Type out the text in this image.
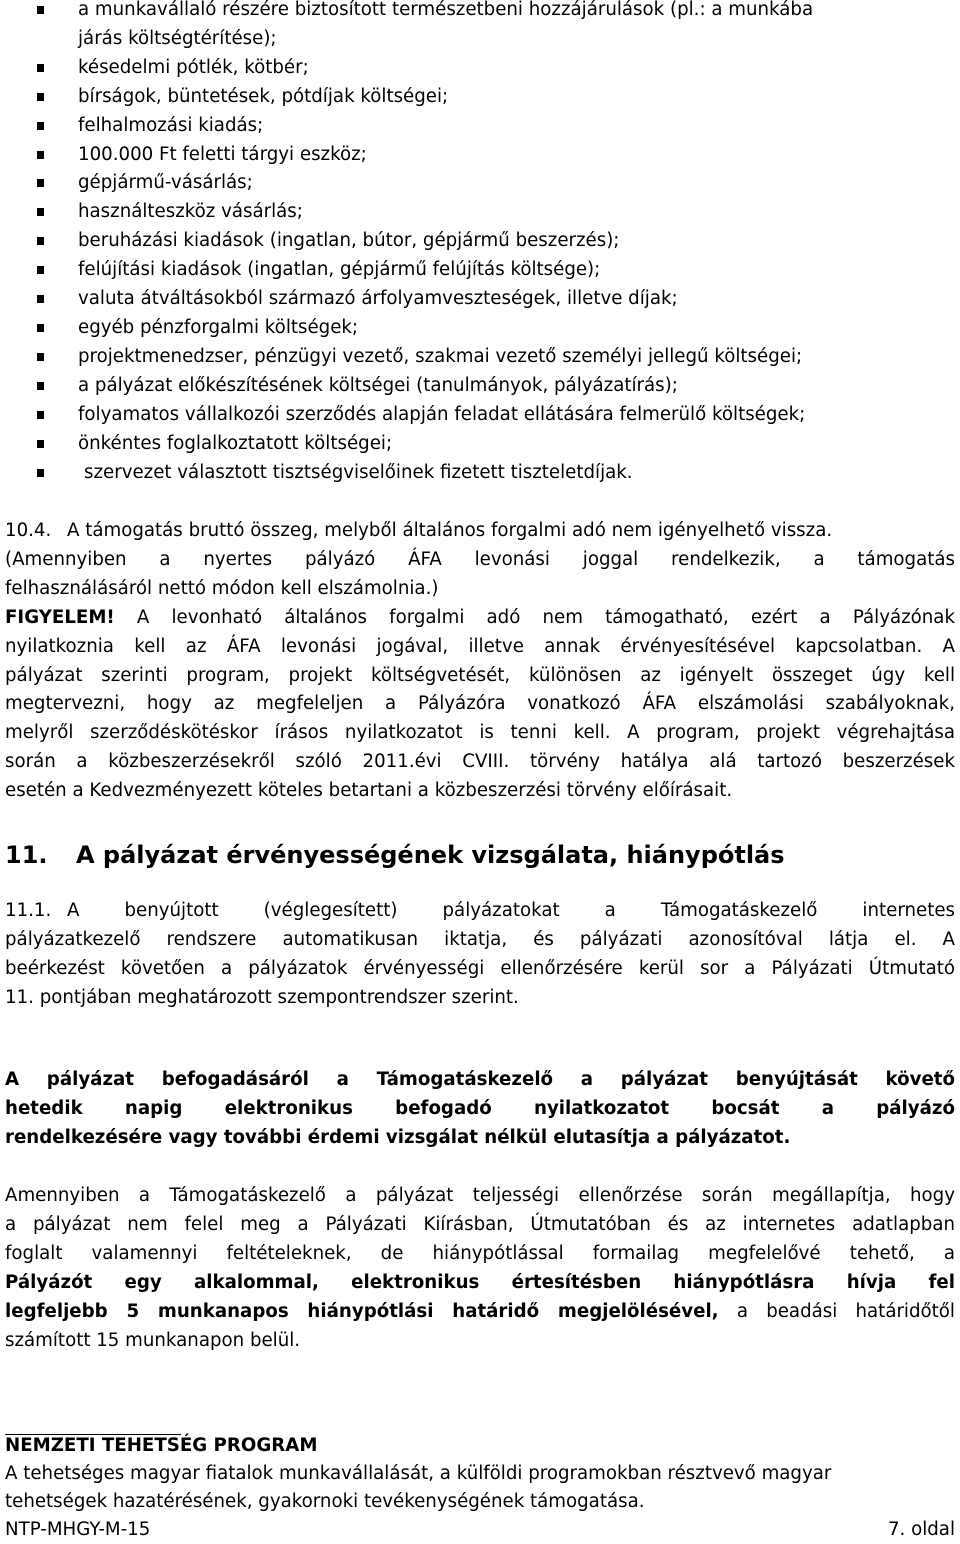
a munkavállaló részére biztosított természetbeni hozzájárulások (pl.: a munkába
járás költségtérítése);
késedelmi pótlék, kötbér;
bírságok, büntetések, pótdíjak költségei;
felhalmozási kiadás;
100.000 Ft feletti tárgyi eszköz;
gépjármű-vásárlás;
használteszköz vásárlás;
beruházási kiadások (ingatlan, bútor, gépjármű beszerzés);
felújítási kiadások (ingatlan, gépjármű felújítás költsége);
valuta átváltásokból származó árfolyamveszteségek, illetve díjak;
egyéb pénzforgalmi költségek;
projektmenedzser, pénzügyi vezető, szakmai vezető személyi jellegű költségei;
a pályázat előkészítésének költségei (tanulmányok, pályázatírás);
folyamatos vállalkozói szerződés alapján feladat ellátására felmerülő költségek;
önkéntes foglalkoztatott költségei;
szervezet választott tisztségviselőinek fizetett tiszteletdíjak.

10.4. A támogatás bruttó összeg, melyből általános forgalmi adó nem igényelhető vissza.

(Amennyiben a nyertes pályázó ÁFA levonási joggal rendelkezik, a támogatás

felhasználásáról nettó módon kell elszámolnia.)

FIGYELEM! A levonható általános forgalmi adó nem támogatható, ezért a Pályázónak

nyilatkoznia kell az ÁFA levonási jogával, illetve annak érvényesítésével kapcsolatban. A

pályázat szerinti program, projekt költségvetését, különösen az igényelt összeget úgy kell

megtervezni, hogy az megfeleljen a Pályázóra vonatkozó ÁFA elszámolási szabályoknak,

melyről szerződéskötéskor írásos nyilatkozatot is tenni kell. A program, projekt végrehajtása

során a közbeszerzésekről szóló 2011.évi CVIII. törvény hatálya alá tartozó beszerzések

esetén a Kedvezményezett köteles betartani a közbeszerzési törvény előírásait.

11. A pályázat érvényességének vizsgálata, hiánypótlás

11.1. A benyújtott (véglegesített) pályázatokat a Támogatáskezelő internetes

pályázatkezelő rendszere automatikusan iktatja, és pályázati azonosítóval látja el. A

beérkezést követően a pályázatok érvényességi ellenőrzésére kerül sor a Pályázati Útmutató

11. pontjában meghatározott szempontrendszer szerint.

A pályázat befogadásáról a Támogatáskezelő a pályázat benyújtását követő

hetedik napig elektronikus befogadó nyilatkozatot bocsát a pályázó

rendelkezésére vagy további érdemi vizsgálat nélkül elutasítja a pályázatot.

Amennyiben a Támogatáskezelő a pályázat teljességi ellenőrzése során megállapítja, hogy

a pályázat nem felel meg a Pályázati Kiírásban, Útmutatóban és az internetes adatlapban

foglalt valamennyi feltételeknek, de hiánypótlással formailag megfelelővé tehető, a

Pályázót egy alkalommal, elektronikus értesítésben hiánypótlásra hívja fel

legfeljebb 5 munkanapos hiánypótlási határidő megjelölésével, a beadási határidőtől

számított 15 munkanapon belül.

NEMZETI TEHETSÉG PROGRAM
A tehetséges magyar fiatalok munkavállalását, a külföldi programokban résztvevő magyar
tehetségek hazatérésének, gyakornoki tevékenységének támogatása.
NTP-MHGY-M-15	7. oldal
